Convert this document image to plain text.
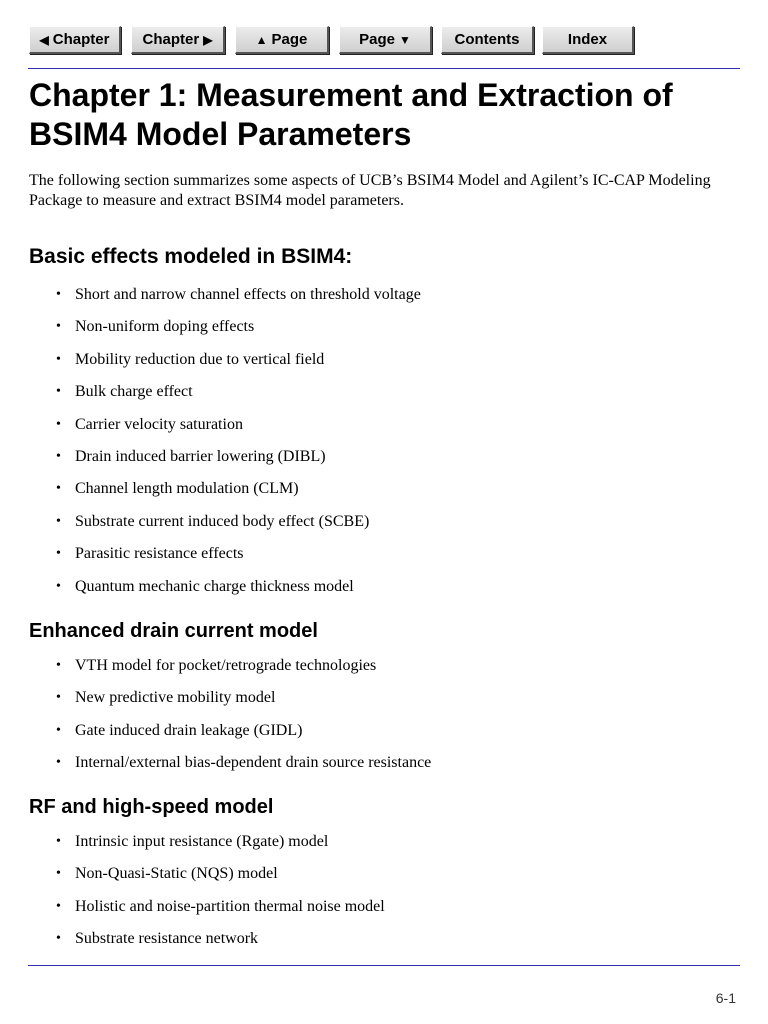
◀ Chapter Chapter ▶	▲ Page	Page ▼	Contents	Index
Chapter 1: Measurement and Extraction of
BSIM4 Model Parameters

The following section summarizes some aspects of UCB’s BSIM4 Model and Agilent’s IC-CAP Modeling Package to measure and extract BSIM4 model parameters.

Basic effects modeled in BSIM4:
• Short and narrow channel effects on threshold voltage
• Non-uniform doping effects
• Mobility reduction due to vertical field
• Bulk charge effect
• Carrier velocity saturation
• Drain induced barrier lowering (DIBL)
• Channel length modulation (CLM)
• Substrate current induced body effect (SCBE)
• Parasitic resistance effects
• Quantum mechanic charge thickness model
Enhanced drain current model
• VTH model for pocket/retrograde technologies
• New predictive mobility model
• Gate induced drain leakage (GIDL)
• Internal/external bias-dependent drain source resistance
RF and high-speed model
• Intrinsic input resistance (Rgate) model
• Non-Quasi-Static (NQS) model
• Holistic and noise-partition thermal noise model
• Substrate resistance network
6-1
